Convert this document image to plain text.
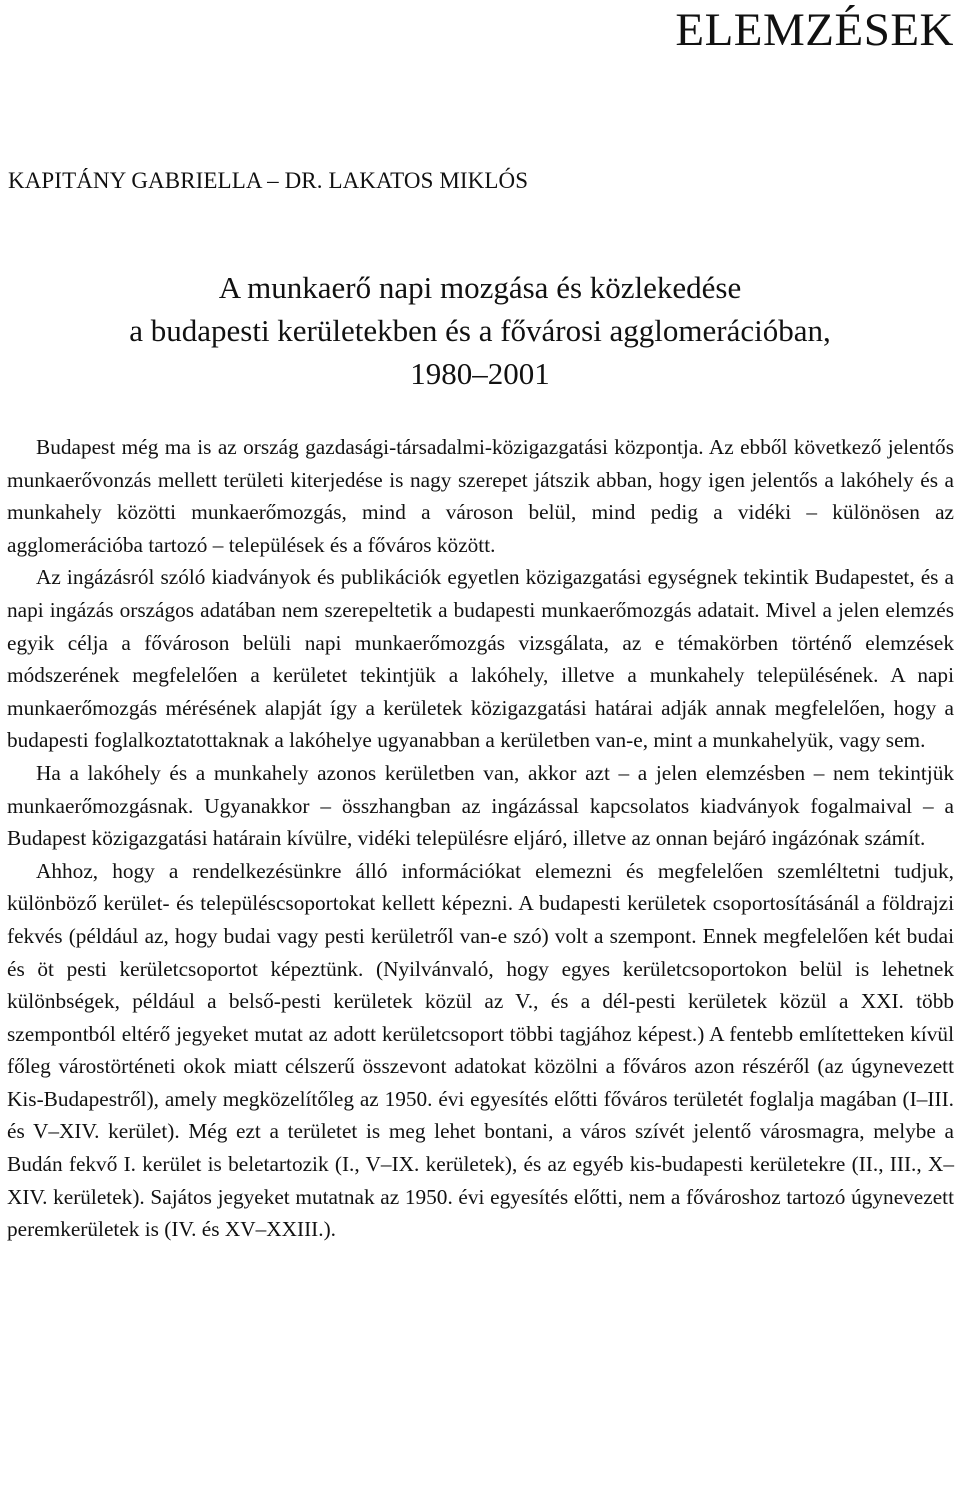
ELEMZÉSEK

KAPITÁNY GABRIELLA – DR. LAKATOS MIKLÓS

A munkaerő napi mozgása és közlekedése
a budapesti kerületekben és a fővárosi agglomerációban,
1980–2001

Budapest még ma is az ország gazdasági-társadalmi-közigazgatási központja. Az ebből következő jelentős munkaerővonzás mellett területi kiterjedése is nagy szerepet játszik abban, hogy igen jelentős a lakóhely és a munkahely közötti munkaerőmozgás, mind a városon belül, mind pedig a vidéki – különösen az agglomerációba tartozó – települések és a főváros között.

Az ingázásról szóló kiadványok és publikációk egyetlen közigazgatási egységnek tekintik Budapestet, és a napi ingázás országos adatában nem szerepeltetik a budapesti munkaerőmozgás adatait. Mivel a jelen elemzés egyik célja a fővároson belüli napi munkaerőmozgás vizsgálata, az e témakörben történő elemzések módszerének megfelelően a kerületet tekintjük a lakóhely, illetve a munkahely településének. A napi munkaerőmozgás mérésének alapját így a kerületek közigazgatási határai adják annak megfelelően, hogy a budapesti foglalkoztatottaknak a lakóhelye ugyanabban a kerületben van-e, mint a munkahelyük, vagy sem.

Ha a lakóhely és a munkahely azonos kerületben van, akkor azt – a jelen elemzésben – nem tekintjük munkaerőmozgásnak. Ugyanakkor – összhangban az ingázással kapcsolatos kiadványok fogalmaival – a Budapest közigazgatási határain kívülre, vidéki településre eljáró, illetve az onnan bejáró ingázónak számít.

Ahhoz, hogy a rendelkezésünkre álló információkat elemezni és megfelelően szemléltetni tudjuk, különböző kerület- és településcsoportokat kellett képezni. A budapesti kerületek csoportosításánál a földrajzi fekvés (például az, hogy budai vagy pesti kerületről van-e szó) volt a szempont. Ennek megfelelően két budai és öt pesti kerületcsoportot képeztünk. (Nyilvánvaló, hogy egyes kerületcsoportokon belül is lehetnek különbségek, például a belső-pesti kerületek közül az V., és a dél-pesti kerületek közül a XXI. több szempontból eltérő jegyeket mutat az adott kerületcsoport többi tagjához képest.) A fentebb említetteken kívül főleg várostörténeti okok miatt célszerű összevont adatokat közölni a főváros azon részéről (az úgynevezett Kis-Budapestről), amely megközelítőleg az 1950. évi egyesítés előtti főváros területét foglalja magában (I–III. és V–XIV. kerület). Még ezt a területet is meg lehet bontani, a város szívét jelentő városmagra, melybe a Budán fekvő I. kerület is beletartozik (I., V–IX. kerületek), és az egyéb kis-budapesti kerületekre (II., III., X–XIV. kerületek). Sajátos jegyeket mutatnak az 1950. évi egyesítés előtti, nem a fővároshoz tartozó úgynevezett peremkerületek is (IV. és XV–XXIII.).
